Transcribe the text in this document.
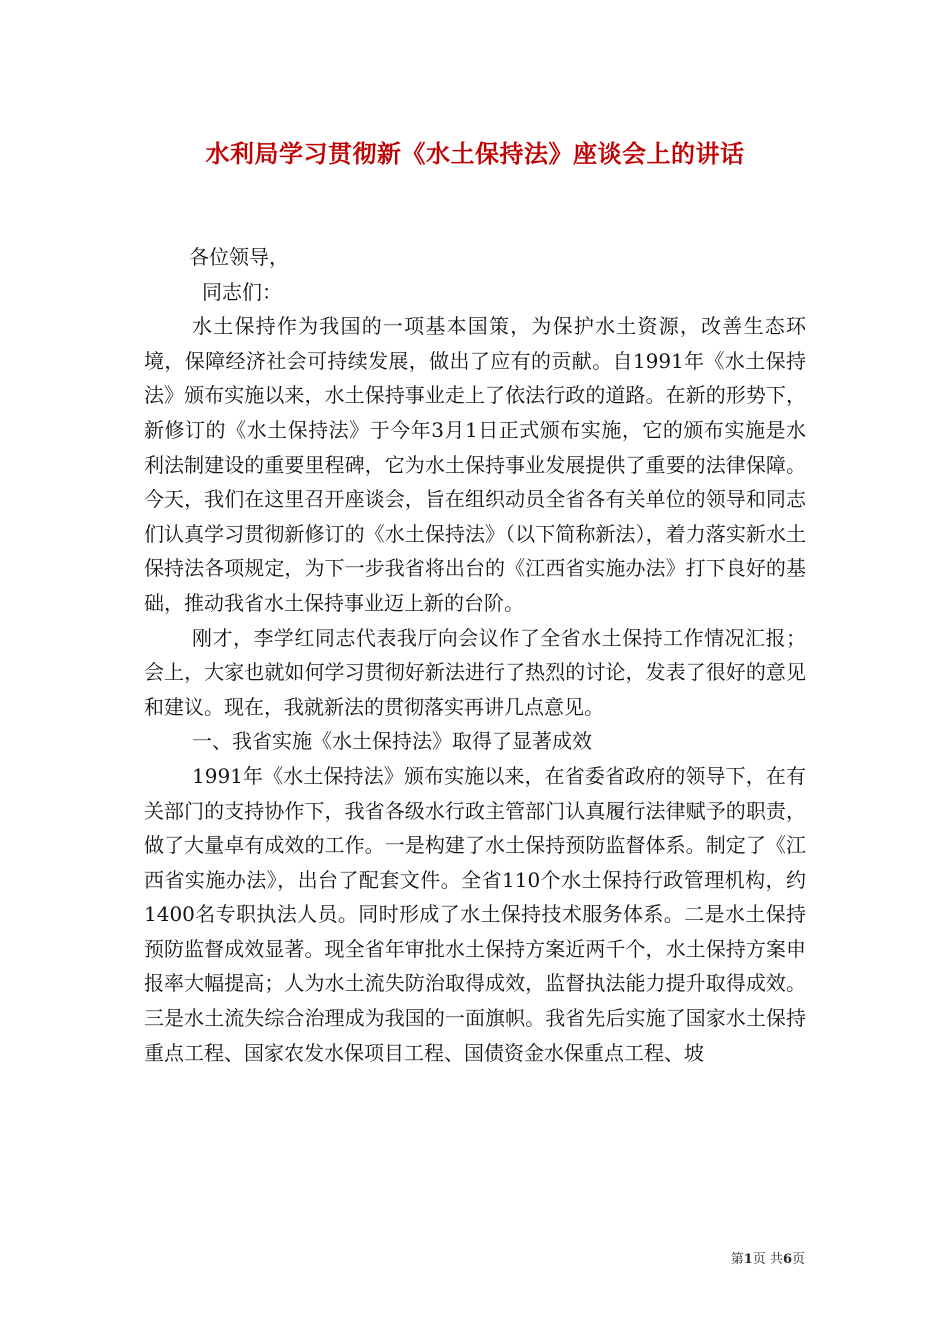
水利局学习贯彻新《水土保持法》座谈会上的讲话

各位领导，

同志们：

水土保持作为我国的一项基本国策，为保护水土资源，改善生态环境，保障经济社会可持续发展，做出了应有的贡献。自1991年《水土保持法》颁布实施以来，水土保持事业走上了依法行政的道路。在新的形势下，新修订的《水土保持法》于今年3月1日正式颁布实施，它的颁布实施是水利法制建设的重要里程碑，它为水土保持事业发展提供了重要的法律保障。今天，我们在这里召开座谈会，旨在组织动员全省各有关单位的领导和同志们认真学习贯彻新修订的《水土保持法》（以下简称新法），着力落实新水土保持法各项规定，为下一步我省将出台的《江西省实施办法》打下良好的基础，推动我省水土保持事业迈上新的台阶。

刚才，李学红同志代表我厅向会议作了全省水土保持工作情况汇报；会上，大家也就如何学习贯彻好新法进行了热烈的讨论，发表了很好的意见和建议。现在，我就新法的贯彻落实再讲几点意见。

一、我省实施《水土保持法》取得了显著成效

1991年《水土保持法》颁布实施以来，在省委省政府的领导下，在有关部门的支持协作下，我省各级水行政主管部门认真履行法律赋予的职责，做了大量卓有成效的工作。一是构建了水土保持预防监督体系。制定了《江西省实施办法》，出台了配套文件。全省110个水土保持行政管理机构，约1400名专职执法人员。同时形成了水土保持技术服务体系。二是水土保持预防监督成效显著。现全省年审批水土保持方案近两千个，水土保持方案申报率大幅提高；人为水土流失防治取得成效，监督执法能力提升取得成效。三是水土流失综合治理成为我国的一面旗帜。我省先后实施了国家水土保持重点工程、国家农发水保项目工程、国债资金水保重点工程、坡

第1页 共6页
